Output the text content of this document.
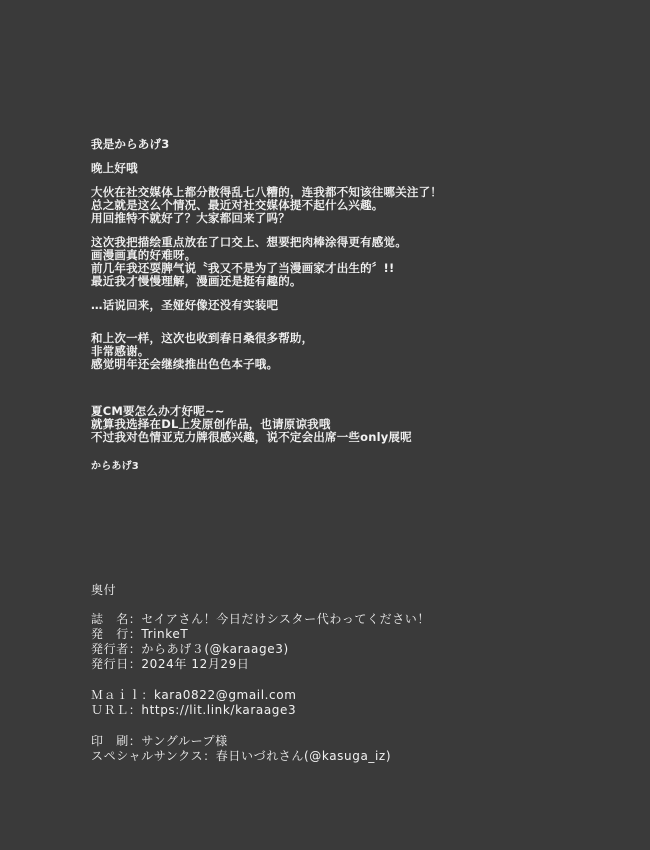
我是からあげ3
晚上好哦
大伙在社交媒体上都分散得乱七八糟的，连我都不知该往哪关注了！
总之就是这么个情况、最近对社交媒体提不起什么兴趣。
用回推特不就好了？大家都回来了吗？
这次我把描绘重点放在了口交上、想要把肉棒涂得更有感觉。
画漫画真的好难呀。
前几年我还耍脾气说〝我又不是为了当漫画家才出生的〞!!
最近我才慢慢理解，漫画还是挺有趣的。
…话说回来，圣娅好像还没有实装吧
和上次一样，这次也收到春日桑很多帮助，
非常感谢。
感觉明年还会继续推出色色本子哦。
夏CM要怎么办才好呢~~
就算我选择在DL上发原创作品，也请原谅我哦
不过我对色情亚克力牌很感兴趣，说不定会出席一些only展呢
からあげ3
奥付
誌　名：セイアさん！今日だけシスター代わってください！
発　行：TrinkeT
発行者：からあげ３(@karaage3)
発行日：2024年 12月29日
Ｍａｉｌ：kara0822@gmail.com
ＵＲＬ：https://lit.link/karaage3
印　刷：サングループ様
スペシャルサンクス：春日いづれさん(@kasuga_iz)
